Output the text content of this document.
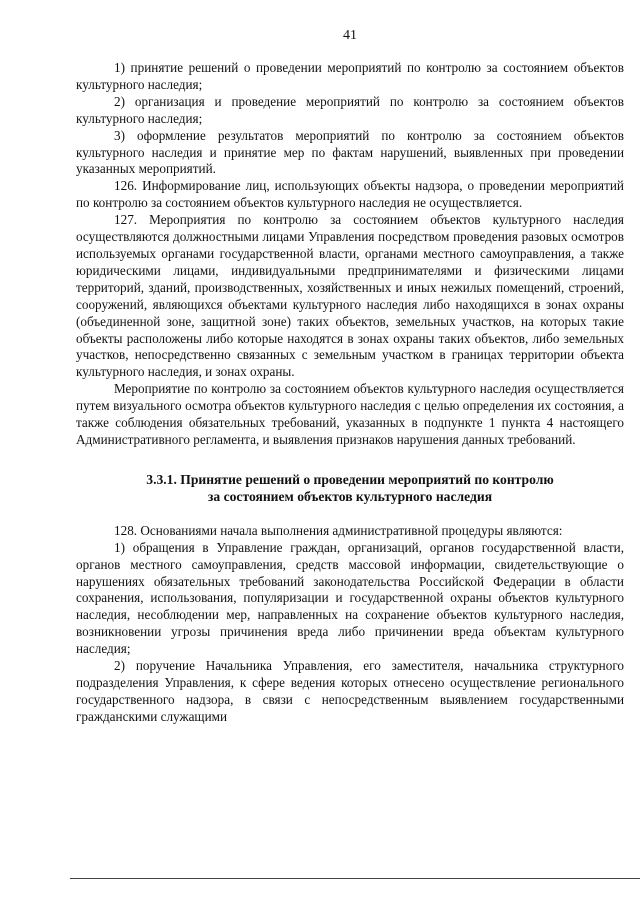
41

1) принятие решений о проведении мероприятий по контролю за состоянием объектов культурного наследия;

2) организация и проведение мероприятий по контролю за состоянием объектов культурного наследия;

3) оформление результатов мероприятий по контролю за состоянием объектов культурного наследия и принятие мер по фактам нарушений, выявленных при проведении указанных мероприятий.

126. Информирование лиц, использующих объекты надзора, о проведении мероприятий по контролю за состоянием объектов культурного наследия не осуществляется.

127. Мероприятия по контролю за состоянием объектов культурного наследия осуществляются должностными лицами Управления посредством проведения разовых осмотров используемых органами государственной власти, органами местного самоуправления, а также юридическими лицами, индивидуальными предпринимателями и физическими лицами территорий, зданий, производственных, хозяйственных и иных нежилых помещений, строений, сооружений, являющихся объектами культурного наследия либо находящихся в зонах охраны (объединенной зоне, защитной зоне) таких объектов, земельных участков, на которых такие объекты расположены либо которые находятся в зонах охраны таких объектов, либо земельных участков, непосредственно связанных с земельным участком в границах территории объекта культурного наследия, и зонах охраны.

Мероприятие по контролю за состоянием объектов культурного наследия осуществляется путем визуального осмотра объектов культурного наследия с целью определения их состояния, а также соблюдения обязательных требований, указанных в подпункте 1 пункта 4 настоящего Административного регламента, и выявления признаков нарушения данных требований.

3.3.1. Принятие решений о проведении мероприятий по контролю
за состоянием объектов культурного наследия

128. Основаниями начала выполнения административной процедуры являются:

1) обращения в Управление граждан, организаций, органов государственной власти, органов местного самоуправления, средств массовой информации, свидетельствующие о нарушениях обязательных требований законодательства Российской Федерации в области сохранения, использования, популяризации и государственной охраны объектов культурного наследия, несоблюдении мер, направленных на сохранение объектов культурного наследия, возникновении угрозы причинения вреда либо причинении вреда объектам культурного наследия;

2) поручение Начальника Управления, его заместителя, начальника структурного подразделения Управления, к сфере ведения которых отнесено осуществление регионального государственного надзора, в связи с непосредственным выявлением государственными гражданскими служащими
